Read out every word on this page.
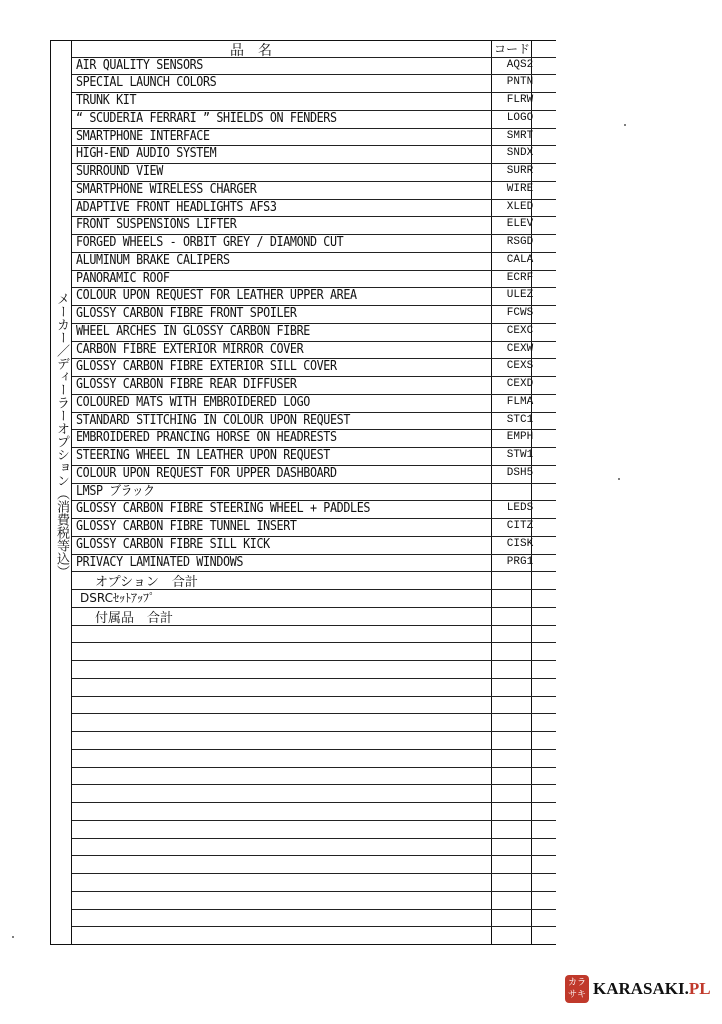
メーカー／ディーラーオプション（消費税等込）
品　名	コード
AIR QUALITY SENSORS	AQS2
SPECIAL LAUNCH COLORS	PNTN
TRUNK KIT	FLRW
“ SCUDERIA FERRARI ” SHIELDS ON FENDERS	LOGO
SMARTPHONE INTERFACE	SMRT
HIGH-END AUDIO SYSTEM	SNDX
SURROUND VIEW	SURR
SMARTPHONE WIRELESS CHARGER	WIRE
ADAPTIVE FRONT HEADLIGHTS AFS3	XLED
FRONT SUSPENSIONS LIFTER	ELEV
FORGED WHEELS - ORBIT GREY / DIAMOND CUT	RSGD
ALUMINUM BRAKE CALIPERS	CALA
PANORAMIC ROOF	ECRF
COLOUR UPON REQUEST FOR LEATHER UPPER AREA	ULEZ
GLOSSY CARBON FIBRE FRONT SPOILER	FCWS
WHEEL ARCHES IN GLOSSY CARBON FIBRE	CEXC
CARBON FIBRE EXTERIOR MIRROR COVER	CEXW
GLOSSY CARBON FIBRE EXTERIOR SILL COVER	CEXS
GLOSSY CARBON FIBRE REAR DIFFUSER	CEXD
COLOURED MATS WITH EMBROIDERED LOGO	FLMA
STANDARD STITCHING IN COLOUR UPON REQUEST	STC1
EMBROIDERED PRANCING HORSE ON HEADRESTS	EMPH
STEERING WHEEL IN LEATHER UPON REQUEST	STW1
COLOUR UPON REQUEST FOR UPPER DASHBOARD	DSH5
LMSP ブラック
GLOSSY CARBON FIBRE STEERING WHEEL + PADDLES	LEDS
GLOSSY CARBON FIBRE TUNNEL INSERT	CITZ
GLOSSY CARBON FIBRE SILL KICK	CISK
PRIVACY LAMINATED WINDOWS	PRG1
オプション　合計
DSRCｾｯﾄｱｯﾌﾟ
付属品　合計
カラ
サキ KARASAKI.PL
